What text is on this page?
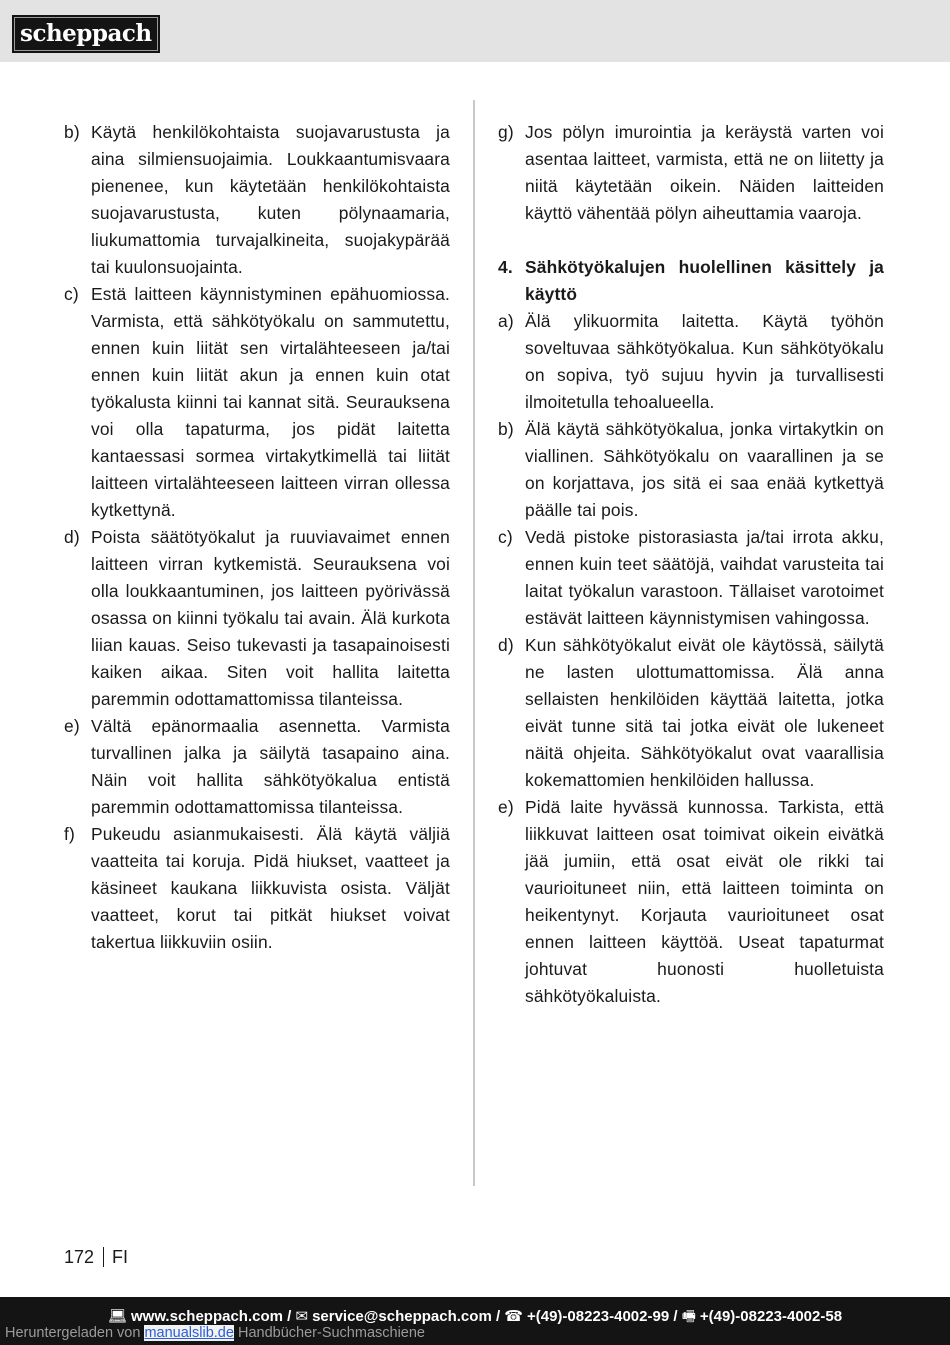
scheppach
b) Käytä henkilökohtaista suojavarustusta ja aina silmiensuojaimia. Loukkaantumisvaara pienenee, kun käytetään henkilökohtaista suojavarustusta, kuten pölynaamaria, liukumattomia turvajalkineita, suojakypärää tai kuulonsuojainta.
c) Estä laitteen käynnistyminen epähuomiossa. Varmista, että sähkötyökalu on sammutettu, ennen kuin liität sen virtalähteeseen ja/tai ennen kuin liität akun ja ennen kuin otat työkalusta kiinni tai kannat sitä. Seurauksena voi olla tapaturma, jos pidät laitetta kantaessasi sormea virtakytkimellä tai liität laitteen virtalähteeseen laitteen virran ollessa kytkettynä.
d) Poista säätötyökalut ja ruuviavaimet ennen laitteen virran kytkemistä. Seurauksena voi olla loukkaantuminen, jos laitteen pyörivässä osassa on kiinni työkalu tai avain. Älä kurkota liian kauas. Seiso tukevasti ja tasapainoisesti kaiken aikaa. Siten voit hallita laitetta paremmin odottamattomissa tilanteissa.
e) Vältä epänormaalia asennetta. Varmista turvallinen jalka ja säilytä tasapaino aina. Näin voit hallita sähkötyökalua entistä paremmin odottamattomissa tilanteissa.
f) Pukeudu asianmukaisesti. Älä käytä väljiä vaatteita tai koruja. Pidä hiukset, vaatteet ja käsineet kaukana liikkuvista osista. Väljät vaatteet, korut tai pitkät hiukset voivat takertua liikkuviin osiin.
g) Jos pölyn imurointia ja keräystä varten voi asentaa laitteet, varmista, että ne on liitetty ja niitä käytetään oikein. Näiden laitteiden käyttö vähentää pölyn aiheuttamia vaaroja.
4. Sähkötyökalujen huolellinen käsittely ja käyttö
a) Älä ylikuormita laitetta. Käytä työhön soveltuvaa sähkötyökalua. Kun sähkötyökalu on sopiva, työ sujuu hyvin ja turvallisesti ilmoitetulla tehoalueella.
b) Älä käytä sähkötyökalua, jonka virtakytkin on viallinen. Sähkötyökalu on vaarallinen ja se on korjattava, jos sitä ei saa enää kytkettyä päälle tai pois.
c) Vedä pistoke pistorasiasta ja/tai irrota akku, ennen kuin teet säätöjä, vaihdat varusteita tai laitat työkalun varastoon. Tällaiset varotoimet estävät laitteen käynnistymisen vahingossa.
d) Kun sähkötyökalut eivät ole käytössä, säilytä ne lasten ulottumattomissa. Älä anna sellaisten henkilöiden käyttää laitetta, jotka eivät tunne sitä tai jotka eivät ole lukeneet näitä ohjeita. Sähkötyökalut ovat vaarallisia kokemattomien henkilöiden hallussa.
e) Pidä laite hyvässä kunnossa. Tarkista, että liikkuvat laitteen osat toimivat oikein eivätkä jää jumiin, että osat eivät ole rikki tai vaurioituneet niin, että laitteen toiminta on heikentynyt. Korjauta vaurioituneet osat ennen laitteen käyttöä. Useat tapaturmat johtuvat huonosti huolletuista sähkötyökaluista.
172 FI
💻︎ www.scheppach.com / ✉ service@scheppach.com / ☎ +(49)-08223-4002-99 / 🖷︎ +(49)-08223-4002-58
Heruntergeladen von manualslib.de Handbücher-Suchmaschiene
